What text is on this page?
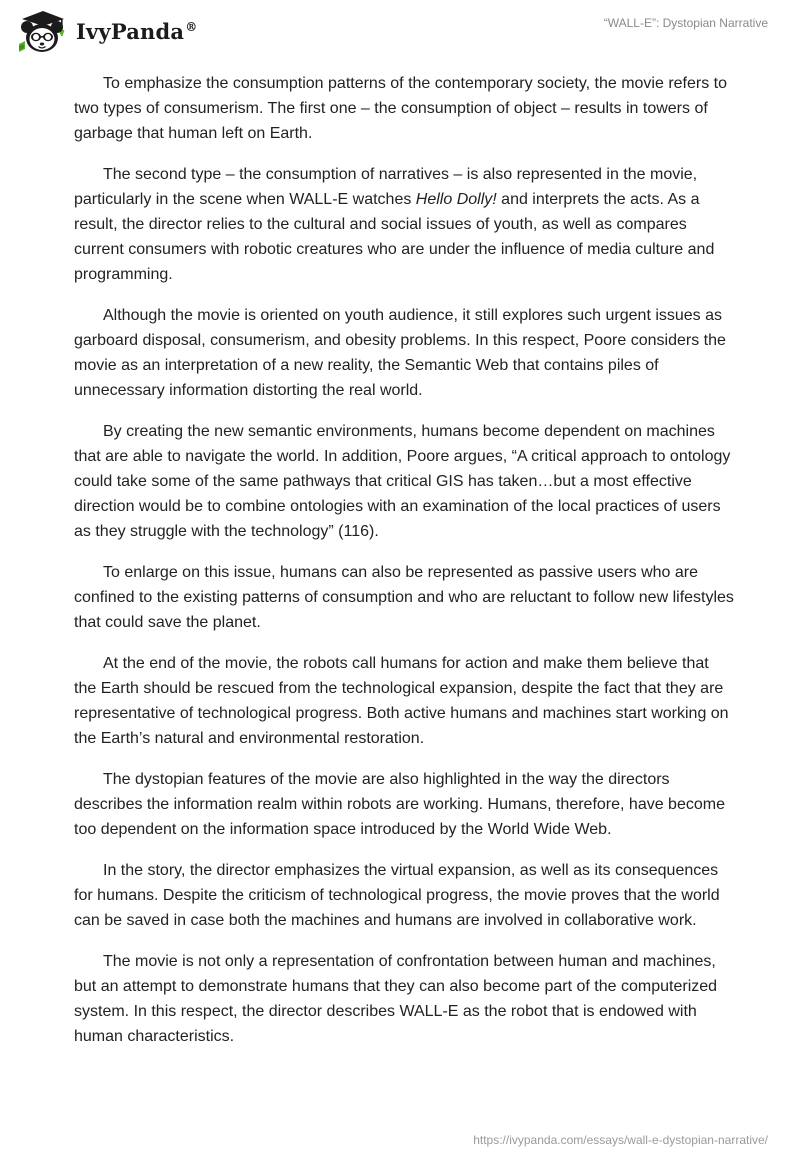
IvyPanda®	“WALL-E”: Dystopian Narrative

To emphasize the consumption patterns of the contemporary society, the movie refers to two types of consumerism. The first one – the consumption of object – results in towers of garbage that human left on Earth.

The second type – the consumption of narratives – is also represented in the movie, particularly in the scene when WALL-E watches Hello Dolly! and interprets the acts. As a result, the director relies to the cultural and social issues of youth, as well as compares current consumers with robotic creatures who are under the influence of media culture and programming.

Although the movie is oriented on youth audience, it still explores such urgent issues as garboard disposal, consumerism, and obesity problems. In this respect, Poore considers the movie as an interpretation of a new reality, the Semantic Web that contains piles of unnecessary information distorting the real world.

By creating the new semantic environments, humans become dependent on machines that are able to navigate the world. In addition, Poore argues, “A critical approach to ontology could take some of the same pathways that critical GIS has taken…but a most effective direction would be to combine ontologies with an examination of the local practices of users as they struggle with the technology” (116).

To enlarge on this issue, humans can also be represented as passive users who are confined to the existing patterns of consumption and who are reluctant to follow new lifestyles that could save the planet.

At the end of the movie, the robots call humans for action and make them believe that the Earth should be rescued from the technological expansion, despite the fact that they are representative of technological progress. Both active humans and machines start working on the Earth’s natural and environmental restoration.

The dystopian features of the movie are also highlighted in the way the directors describes the information realm within robots are working. Humans, therefore, have become too dependent on the information space introduced by the World Wide Web.

In the story, the director emphasizes the virtual expansion, as well as its consequences for humans. Despite the criticism of technological progress, the movie proves that the world can be saved in case both the machines and humans are involved in collaborative work.

The movie is not only a representation of confrontation between human and machines, but an attempt to demonstrate humans that they can also become part of the computerized system. In this respect, the director describes WALL-E as the robot that is endowed with human characteristics.

https://ivypanda.com/essays/wall-e-dystopian-narrative/
